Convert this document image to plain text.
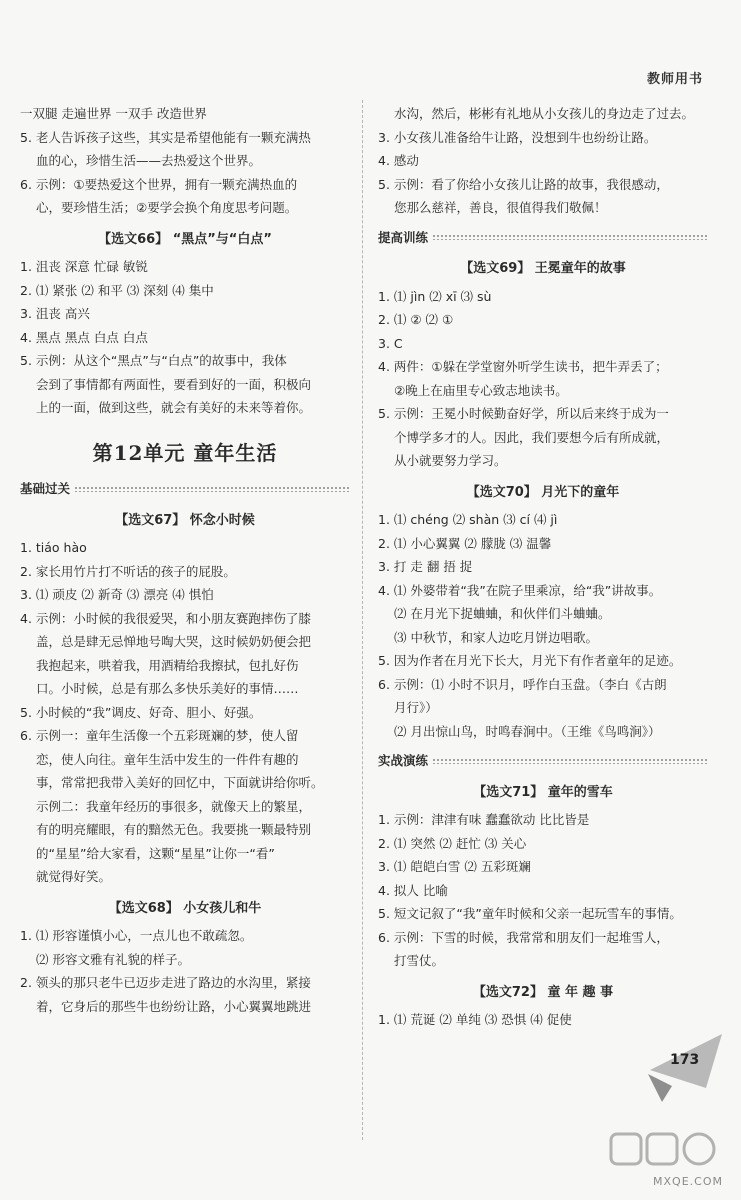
教师用书
一双腿 走遍世界 一双手 改造世界
5. 老人告诉孩子这些，其实是希望他能有一颗充满热
血的心，珍惜生活——去热爱这个世界。
6. 示例：①要热爱这个世界，拥有一颗充满热血的
心，要珍惜生活；②要学会换个角度思考问题。
【选文66】 “黑点”与“白点”
1. 沮丧 深意 忙碌 敏锐
2. ⑴ 紧张 ⑵ 和平 ⑶ 深刻 ⑷ 集中
3. 沮丧 高兴
4. 黑点 黑点 白点 白点
5. 示例：从这个“黑点”与“白点”的故事中，我体
会到了事情都有两面性，要看到好的一面，积极向
上的一面，做到这些，就会有美好的未来等着你。
第12单元 童年生活
基础过关
【选文67】 怀念小时候
1. tiáo hào
2. 家长用竹片打不听话的孩子的屁股。
3. ⑴ 顽皮 ⑵ 新奇 ⑶ 漂亮 ⑷ 惧怕
4. 示例：小时候的我很爱哭，和小朋友赛跑摔伤了膝
盖，总是肆无忌惮地号啕大哭，这时候奶奶便会把
我抱起来，哄着我，用酒精给我擦拭，包扎好伤
口。小时候，总是有那么多快乐美好的事情……
5. 小时候的“我”调皮、好奇、胆小、好强。
6. 示例一：童年生活像一个五彩斑斓的梦，使人留
恋，使人向往。童年生活中发生的一件件有趣的
事，常常把我带入美好的回忆中，下面就讲给你听。
示例二：我童年经历的事很多，就像天上的繁星，
有的明亮耀眼，有的黯然无色。我要挑一颗最特别
的“星星”给大家看，这颗“星星”让你一“看”
就觉得好笑。
【选文68】 小女孩儿和牛
1. ⑴ 形容谨慎小心，一点儿也不敢疏忽。
⑵ 形容文雅有礼貌的样子。
2. 领头的那只老牛已迈步走进了路边的水沟里，紧接
着，它身后的那些牛也纷纷让路，小心翼翼地跳进
水沟，然后，彬彬有礼地从小女孩儿的身边走了过去。
3. 小女孩儿准备给牛让路，没想到牛也纷纷让路。
4. 感动
5. 示例：看了你给小女孩儿让路的故事，我很感动，
您那么慈祥，善良，很值得我们敬佩！
提高训练
【选文69】 王冕童年的故事
1. ⑴ jìn ⑵ xī ⑶ sù
2. ⑴ ② ⑵ ①
3. C
4. 两件：①躲在学堂窗外听学生读书，把牛弄丢了；
②晚上在庙里专心致志地读书。
5. 示例：王冕小时候勤奋好学，所以后来终于成为一
个博学多才的人。因此，我们要想今后有所成就，
从小就要努力学习。
【选文70】 月光下的童年
1. ⑴ chéng ⑵ shàn ⑶ cí ⑷ jì
2. ⑴ 小心翼翼 ⑵ 朦胧 ⑶ 温馨
3. 打 走 翻 捂 捉
4. ⑴ 外婆带着“我”在院子里乘凉，给“我”讲故事。
⑵ 在月光下捉蛐蛐，和伙伴们斗蛐蛐。
⑶ 中秋节，和家人边吃月饼边唱歌。
5. 因为作者在月光下长大，月光下有作者童年的足迹。
6. 示例：⑴ 小时不识月，呼作白玉盘。（李白《古朗
月行》）
⑵ 月出惊山鸟，时鸣春涧中。（王维《鸟鸣涧》）
实战演练
【选文71】 童年的雪车
1. 示例：津津有味 蠢蠢欲动 比比皆是
2. ⑴ 突然 ⑵ 赶忙 ⑶ 关心
3. ⑴ 皑皑白雪 ⑵ 五彩斑斓
4. 拟人 比喻
5. 短文记叙了“我”童年时候和父亲一起玩雪车的事情。
6. 示例：下雪的时候，我常常和朋友们一起堆雪人，
打雪仗。
【选文72】 童 年 趣 事
1. ⑴ 荒诞 ⑵ 单纯 ⑶ 恐惧 ⑷ 促使
173
MXQE.COM
